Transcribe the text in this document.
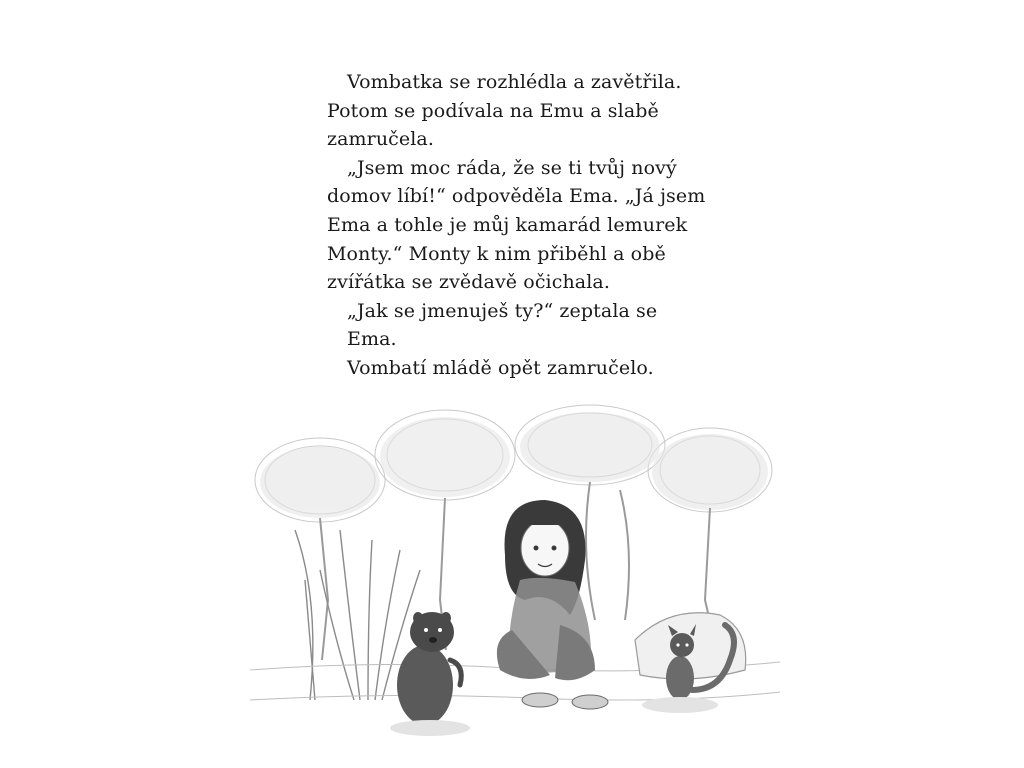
Vombatka se rozhlédla a zavětřila.

Potom se podívala na Emu a slabě

zamručela.

„Jsem moc ráda, že se ti tvůj nový

domov líbí!“ odpověděla Ema. „Já jsem

Ema a tohle je můj kamarád lemurek

Monty.“ Monty k nim přiběhl a obě

zvířátka se zvědavě očichala.

„Jak se jmenuješ ty?“ zeptala se Ema.

Vombatí mládě opět zamručelo.
